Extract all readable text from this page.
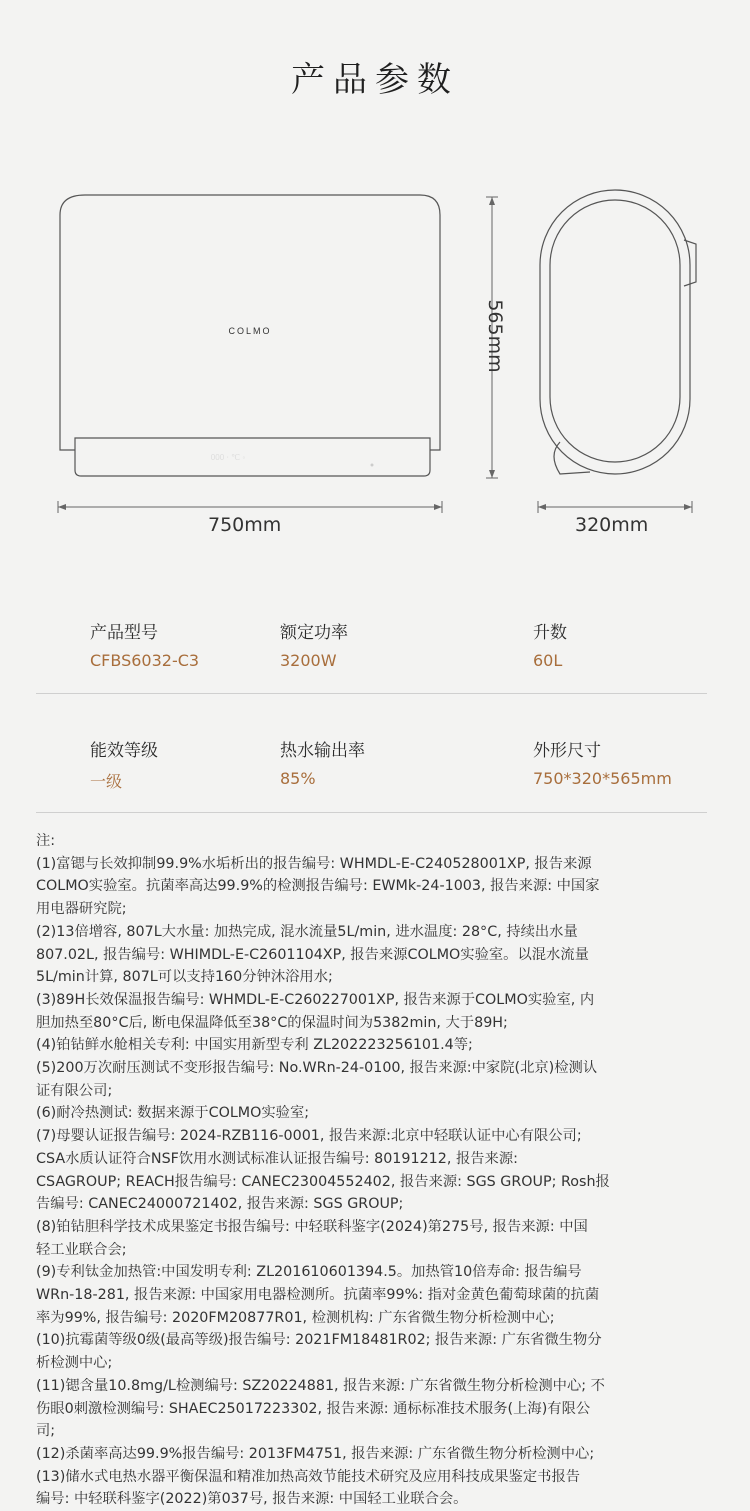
产品参数
COLMO
000 ‧ ℃ ◦
750mm	320mm
565mm
产品型号
CFBS6032-C3
额定功率
3200W
升数
60L
能效等级
一级
热水输出率
85%
外形尺寸
750*320*565mm
注:
(1)富锶与长效抑制99.9%水垢析出的报告编号: WHMDL-E-C240528001XP, 报告来源
COLMO实验室。抗菌率高达99.9%的检测报告编号: EWMk-24-1003, 报告来源: 中国家
用电器研究院;
(2)13倍增容, 807L大水量: 加热完成, 混水流量5L/min, 进水温度: 28°C, 持续出水量
807.02L, 报告编号: WHIMDL-E-C2601104XP, 报告来源COLMO实验室。以混水流量
5L/min计算, 807L可以支持160分钟沐浴用水;
(3)89H长效保温报告编号: WHMDL-E-C260227001XP, 报告来源于COLMO实验室, 内
胆加热至80°C后, 断电保温降低至38°C的保温时间为5382min, 大于89H;
(4)铂钻鲜水舱相关专利: 中国实用新型专利 ZL202223256101.4等;
(5)200万次耐压测试不变形报告编号: No.WRn-24-0100, 报告来源:中家院(北京)检测认
证有限公司;
(6)耐冷热测试: 数据来源于COLMO实验室;
(7)母婴认证报告编号: 2024-RZB116-0001, 报告来源:北京中轻联认证中心有限公司;
CSA水质认证符合NSF饮用水测试标准认证报告编号: 80191212, 报告来源:
CSAGROUP; REACH报告编号: CANEC23004552402, 报告来源: SGS GROUP; Rosh报
告编号: CANEC24000721402, 报告来源: SGS GROUP;
(8)铂钻胆科学技术成果鉴定书报告编号: 中轻联科鉴字(2024)第275号, 报告来源: 中国
轻工业联合会;
(9)专利钛金加热管:中国发明专利: ZL201610601394.5。加热管10倍寿命: 报告编号
WRn-18-281, 报告来源: 中国家用电器检测所。抗菌率99%: 指对金黄色葡萄球菌的抗菌
率为99%, 报告编号: 2020FM20877R01, 检测机构: 广东省微生物分析检测中心;
(10)抗霉菌等级0级(最高等级)报告编号: 2021FM18481R02; 报告来源: 广东省微生物分
析检测中心;
(11)锶含量10.8mg/L检测编号: SZ20224881, 报告来源: 广东省微生物分析检测中心; 不
伤眼0刺激检测编号: SHAEC25017223302, 报告来源: 通标标准技术服务(上海)有限公
司;
(12)杀菌率高达99.9%报告编号: 2013FM4751, 报告来源: 广东省微生物分析检测中心;
(13)储水式电热水器平衡保温和精准加热高效节能技术研究及应用科技成果鉴定书报告
编号: 中轻联科鉴字(2022)第037号, 报告来源: 中国轻工业联合会。
